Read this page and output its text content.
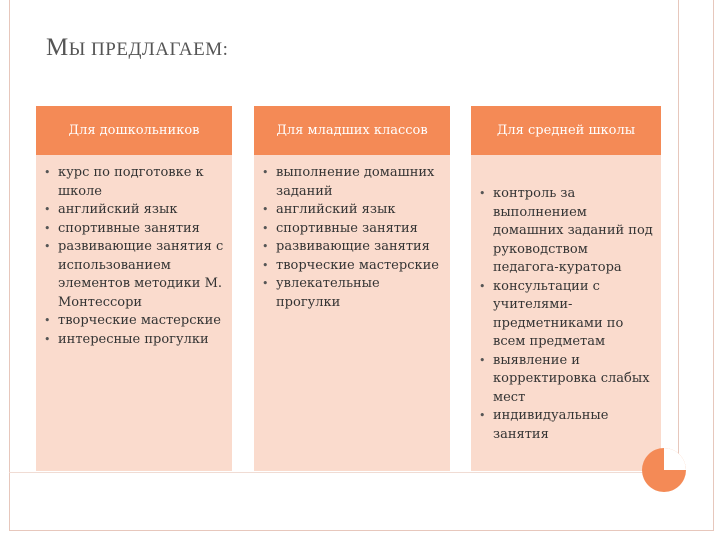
МЫ ПРЕДЛАГАЕМ:
Для дошкольников
• курс по подготовке к школе
• английский язык
• спортивные занятия
• развивающие занятия с использованием элементов методики М. Монтессори
• творческие мастерские
• интересные прогулки
Для младших классов
• выполнение домашних заданий
• английский язык
• спортивные занятия
• развивающие занятия
• творческие мастерские
• увлекательные прогулки
Для средней школы
• контроль за выполнением домашних заданий под руководством педагога-куратора
• консультации с учителями-предметниками по всем предметам
• выявление и корректировка слабых мест
• индивидуальные занятия
